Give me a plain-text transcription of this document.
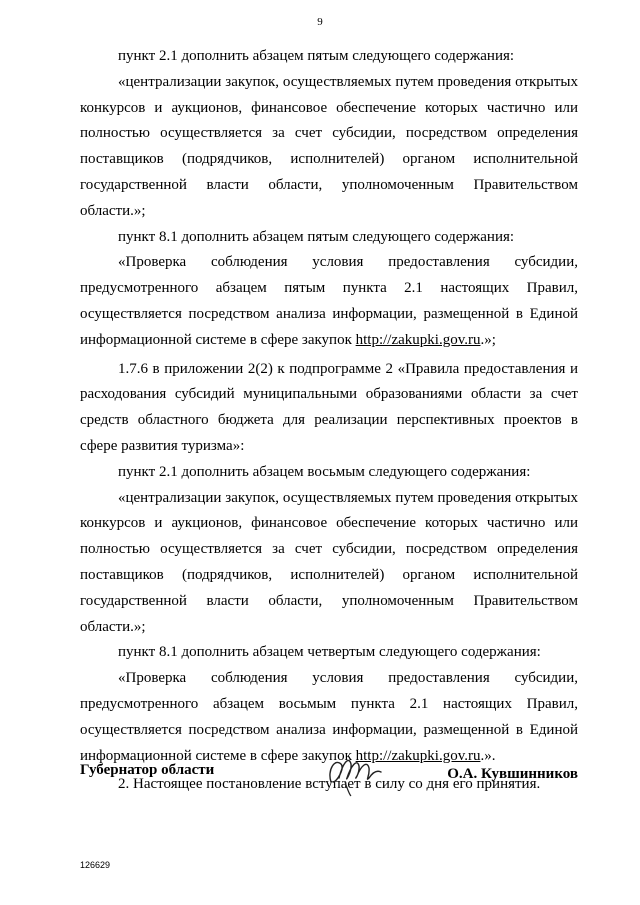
9

пункт 2.1 дополнить абзацем пятым следующего содержания:

«централизации закупок, осуществляемых путем проведения открытых конкурсов и аукционов, финансовое обеспечение которых частично или полностью осуществляется за счет субсидии, посредством определения поставщиков (подрядчиков, исполнителей) органом исполнительной государственной власти области, уполномоченным Правительством области.»;

пункт 8.1 дополнить абзацем пятым следующего содержания:

«Проверка соблюдения условия предоставления субсидии, предусмотренного абзацем пятым пункта 2.1 настоящих Правил, осуществляется посредством анализа информации, размещенной в Единой информационной системе в сфере закупок http://zakupki.gov.ru.»;

1.7.6 в приложении 2(2) к подпрограмме 2 «Правила предоставления и расходования субсидий муниципальными образованиями области за счет средств областного бюджета для реализации перспективных проектов в сфере развития туризма»:

пункт 2.1 дополнить абзацем восьмым следующего содержания:

«централизации закупок, осуществляемых путем проведения открытых конкурсов и аукционов, финансовое обеспечение которых частично или полностью осуществляется за счет субсидии, посредством определения поставщиков (подрядчиков, исполнителей) органом исполнительной государственной власти области, уполномоченным Правительством области.»;

пункт 8.1 дополнить абзацем четвертым следующего содержания:

«Проверка соблюдения условия предоставления субсидии, предусмотренного абзацем восьмым пункта 2.1 настоящих Правил, осуществляется посредством анализа информации, размещенной в Единой информационной системе в сфере закупок http://zakupki.gov.ru.».

2. Настоящее постановление вступает в силу со дня его принятия.

Губернатор области	О.А. Кувшинников
126629
